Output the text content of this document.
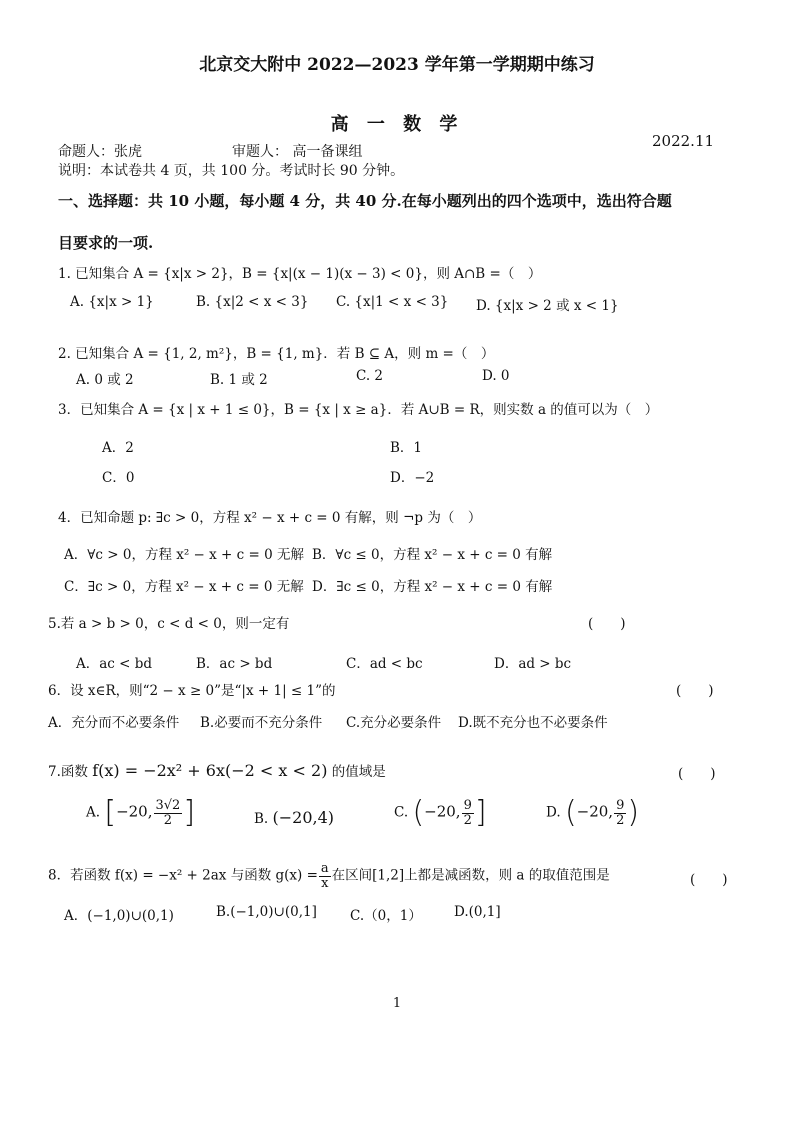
北京交大附中 2022—2023 学年第一学期期中练习
高 一 数 学
2022.11
命题人：张虎	审题人： 高一备课组
说明：本试卷共 4 页，共 100 分。考试时长 90 分钟。
一、选择题：共 10 小题，每小题 4 分，共 40 分.在每小题列出的四个选项中，选出符合题
目要求的一项.
1. 已知集合 A = {x|x > 2}，B = {x|(x − 1)(x − 3) < 0}，则 A∩B =（　）
A. {x|x > 1}	B. {x|2 < x < 3} C. {x|1 < x < 3} D. {x|x > 2 或 x < 1}
2. 已知集合 A = {1, 2, m²}，B = {1, m}．若 B ⊆ A，则 m =（　）
A. 0 或 2	B. 1 或 2	C. 2	D. 0
3．已知集合 A = {x | x + 1 ≤ 0}，B = {x | x ≥ a}．若 A∪B = R，则实数 a 的值可以为（　）
A．2	B．1
C．0	D．−2
4．已知命题 p: ∃c > 0，方程 x² − x + c = 0 有解，则 ¬p 为（　）
A．∀c > 0，方程 x² − x + c = 0 无解 B．∀c ≤ 0，方程 x² − x + c = 0 有解
C．∃c > 0，方程 x² − x + c = 0 无解 D．∃c ≤ 0，方程 x² − x + c = 0 有解
5.若 a > b > 0，c < d < 0，则一定有	(　　)
A．ac < bd	B．ac > bd	C．ad < bc	D．ad > bc
6．设 x∈R，则“2 − x ≥ 0”是“|x + 1| ≤ 1”的	(　　)
A．充分而不必要条件 B.必要而不充分条件 C.充分必要条件 D.既不充分也不必要条件
7.函数 f(x) = −2x² + 6x(−2 < x < 2) 的值域是	(　　)
A. [−20, $\frac{3√2}{2}$ ]	B. (−20,4)	C. (−20, $\frac{9}{2}$ ]	D. (−20, $\frac{9}{2}$ )
8．若函数 f(x) = −x² + 2ax 与函数 $g(x) = \frac{a}{x}$ 在区间[1,2]上都是减函数，则 a 的取值范围是	(　　)
A．(−1,0)∪(0,1)	B.(−1,0)∪(0,1] C.（0，1） D.(0,1]
1
